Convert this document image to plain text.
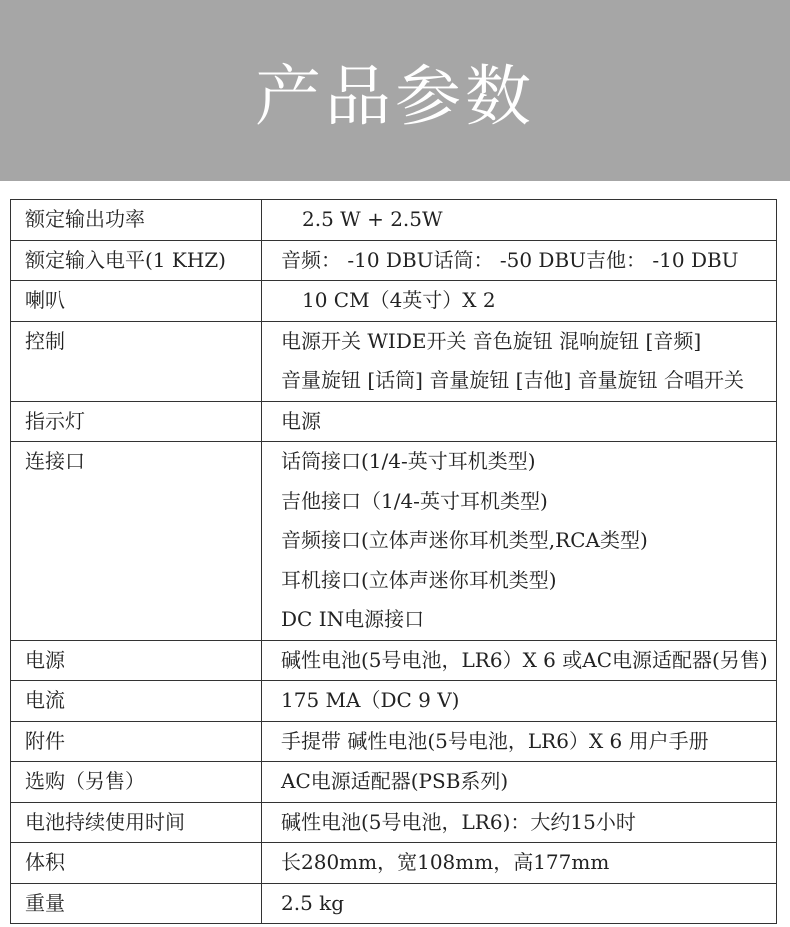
产品参数
额定输出功率	2.5 W + 2.5W

额定输入电平(1 KHZ)	音频： -10 DBU话筒： -50 DBU吉他： -10 DBU

喇叭	10 CM（4英寸）X 2

控制	电源开关 WIDE开关 音色旋钮 混响旋钮 [音频]
音量旋钮 [话筒] 音量旋钮 [吉他] 音量旋钮 合唱开关

指示灯	电源

连接口	话筒接口(1/4-英寸耳机类型)
吉他接口（1/4-英寸耳机类型)
音频接口(立体声迷你耳机类型,RCA类型)
耳机接口(立体声迷你耳机类型)
DC IN电源接口

电源	碱性电池(5号电池，LR6）X 6 或AC电源适配器(另售)

电流	175 MA（DC 9 V)

附件	手提带 碱性电池(5号电池，LR6）X 6 用户手册

选购（另售）	AC电源适配器(PSB系列)

电池持续使用时间	碱性电池(5号电池，LR6)：大约15小时

体积	长280mm，宽108mm，高177mm

重量	2.5 kg
